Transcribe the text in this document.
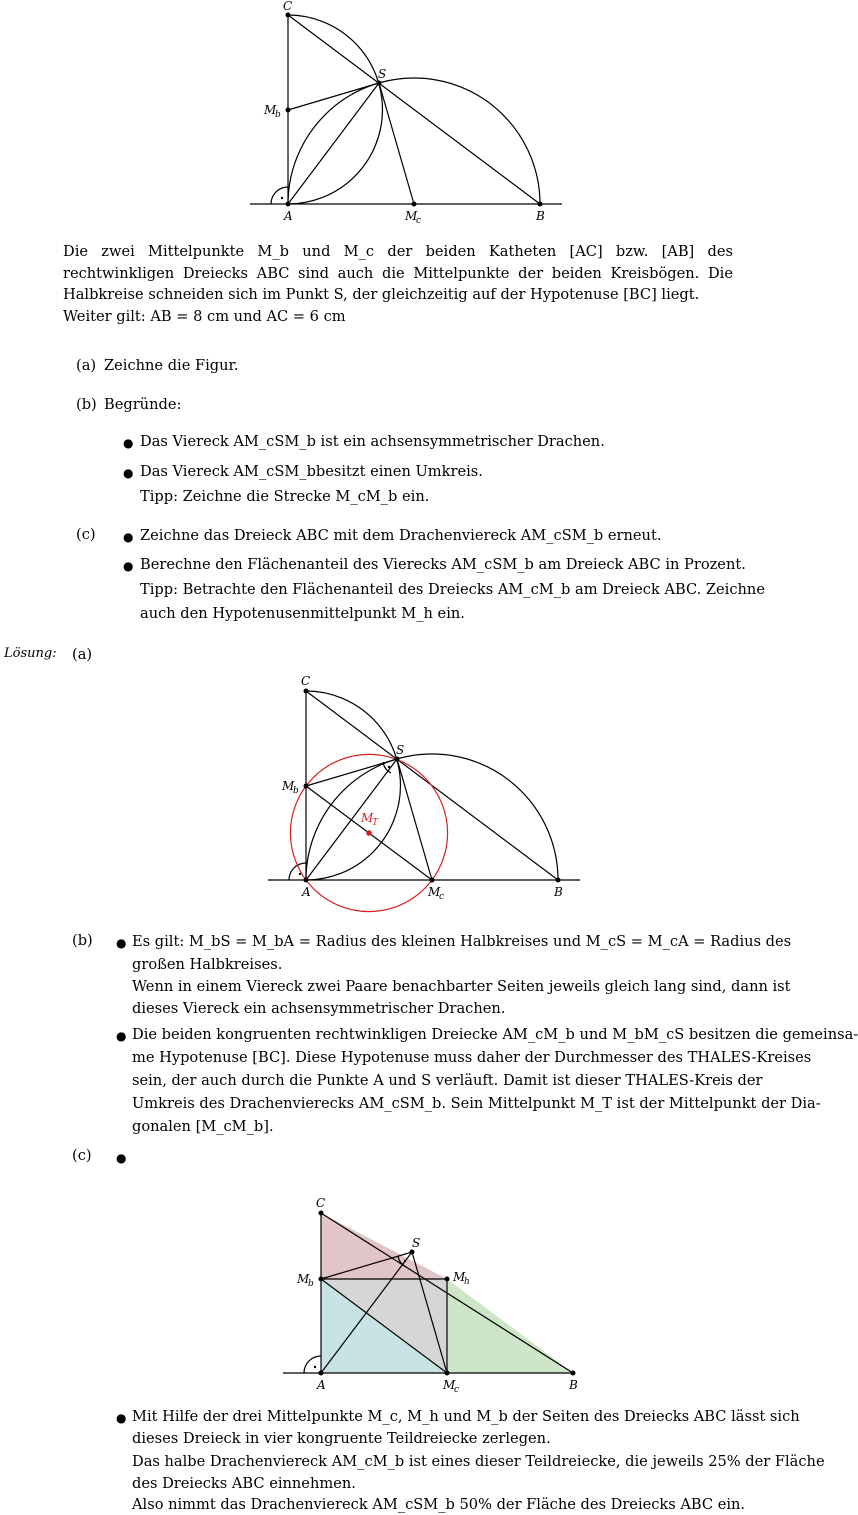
C
S
M
b
A	M
c	B
Die zwei Mittelpunkte M_b und M_c der beiden Katheten [AC] bzw. [AB] des rechtwinkligen Dreiecks ABC sind auch die Mittelpunkte der beiden Kreisbögen. Die Halbkreise schneiden sich im Punkt S, der gleichzeitig auf der Hypotenuse [BC] liegt.
Weiter gilt: AB = 8 cm und AC = 6 cm
(a) Zeichne die Figur.
(b) Begründe:
● Das Viereck AM_cSM_b ist ein achsensymmetrischer Drachen.
● Das Viereck AM_cSM_bbesitzt einen Umkreis.
Tipp: Zeichne die Strecke M_cM_b ein.
(c) ● Zeichne das Dreieck ABC mit dem Drachenviereck AM_cSM_b erneut.
● Berechne den Flächenanteil des Vierecks AM_cSM_b am Dreieck ABC in Prozent.
Tipp: Betrachte den Flächenanteil des Dreiecks AM_cM_b am Dreieck ABC. Zeichne
auch den Hypotenusenmittelpunkt M_h ein.
Lösung: (a)
C
S
M
b
M
T
A	M
c	B
(b) ● Es gilt: M_bS = M_bA = Radius des kleinen Halbkreises und M_cS = M_cA = Radius des
großen Halbkreises.
Wenn in einem Viereck zwei Paare benachbarter Seiten jeweils gleich lang sind, dann ist
dieses Viereck ein achsensymmetrischer Drachen.
● Die beiden kongruenten rechtwinkligen Dreiecke AM_cM_b und M_bM_cS besitzen die gemeinsa-
me Hypotenuse [BC]. Diese Hypotenuse muss daher der Durchmesser des THALES-Kreises
sein, der auch durch die Punkte A und S verläuft. Damit ist dieser THALES-Kreis der
Umkreis des Drachenvierecks AM_cSM_b. Sein Mittelpunkt M_T ist der Mittelpunkt der Dia-
gonalen [M_cM_b].
(c) ●
C
S
M
b	M
h
A	M
c	B
● Mit Hilfe der drei Mittelpunkte M_c, M_h und M_b der Seiten des Dreiecks ABC lässt sich
dieses Dreieck in vier kongruente Teildreiecke zerlegen.
Das halbe Drachenviereck AM_cM_b ist eines dieser Teildreiecke, die jeweils 25% der Fläche
des Dreiecks ABC einnehmen.
Also nimmt das Drachenviereck AM_cSM_b 50% der Fläche des Dreiecks ABC ein.
